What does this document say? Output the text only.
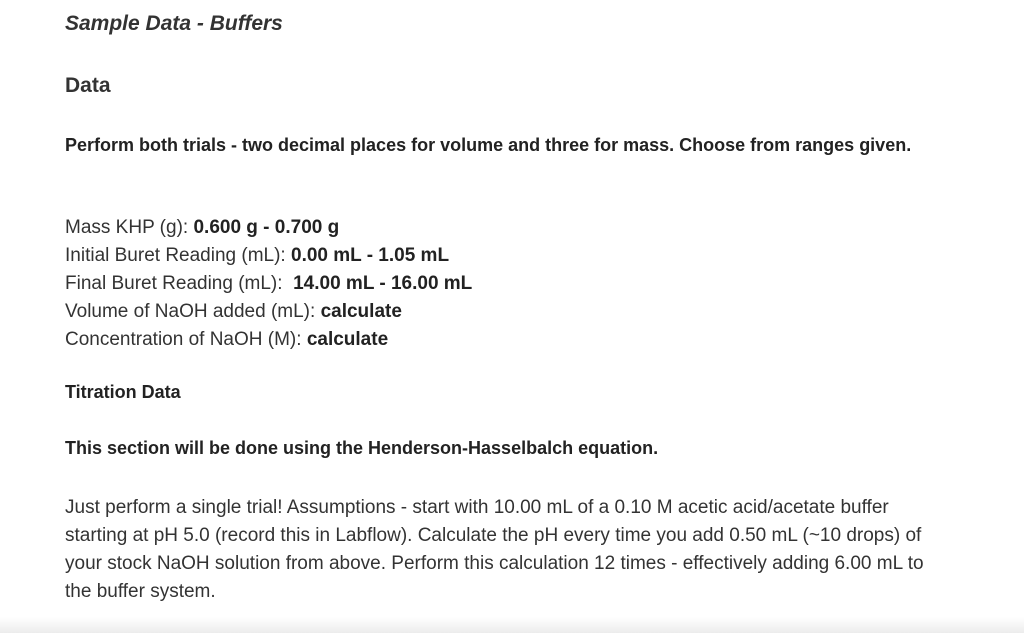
Sample Data - Buffers
Data

Perform both trials - two decimal places for volume and three for mass. Choose from ranges given.

Mass KHP (g): 0.600 g - 0.700 g
Initial Buret Reading (mL): 0.00 mL - 1.05 mL
Final Buret Reading (mL):  14.00 mL - 16.00 mL
Volume of NaOH added (mL): calculate
Concentration of NaOH (M): calculate
Titration Data

This section will be done using the Henderson-Hasselbalch equation.

Just perform a single trial! Assumptions - start with 10.00 mL of a 0.10 M acetic acid/acetate buffer starting at pH 5.0 (record this in Labflow). Calculate the pH every time you add 0.50 mL (~10 drops) of your stock NaOH solution from above. Perform this calculation 12 times - effectively adding 6.00 mL to the buffer system.
